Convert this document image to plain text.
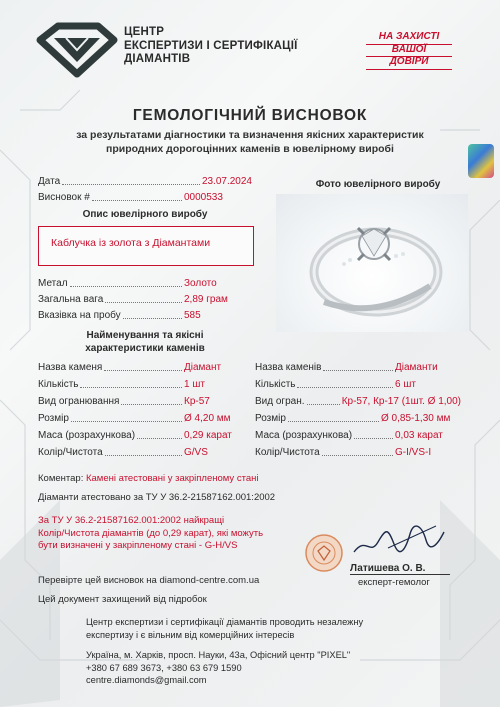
ЦЕНТР
ЕКСПЕРТИЗИ І СЕРТИФІКАЦІЇ
ДІАМАНТІВ
НА ЗАХИСТІ
ВАШОЇ
ДОВІРИ
ГЕМОЛОГІЧНИЙ ВИСНОВОК
за результатами діагностики та визначення якісних характеристик
природних дорогоцінних каменів в ювелірному виробі
Дата	23.07.2024
Висновок #	0000533
Фото ювелірного виробу
Опис ювелірного виробу
Каблучка із золота з Діамантами
Метал	Золото
Загальна вага	2,89 грам
Вказівка на пробу	585
Найменування та якісні
характеристики каменів
Назва каменя	Діамант
Кількість	1 шт
Вид огранювання	Кр-57
Розмір	Ø 4,20 мм
Маса (розрахункова)	0,29 карат
Колір/Чистота	G/VS
Назва каменів	Діаманти
Кількість	6 шт
Вид огран.	Кр-57, Кр-17 (1шт. Ø 1,00)
Розмір	Ø 0,85-1,30 мм
Маса (розрахункова)	0,03 карат
Колір/Чистота	G-I/VS-I
Коментар: Камені атестовані у закріпленому стані
Діаманти атестовано за ТУ У 36.2-21587162.001:2002
За ТУ У 36.2-21587162.001:2002 найкращі
Колір/Чистота діамантів (до 0,29 карат), які можуть
бути визначені у закріпленому стані - G-H/VS
Латишева О. В.
експерт-гемолог
Перевірте цей висновок на diamond-centre.com.ua
Цей документ захищений від підробок
Центр експертизи і сертифікації діамантів проводить незалежну
експертизу і є вільним від комерційних інтересів
Україна, м. Харків, просп. Науки, 43а, Офісний центр "PIXEL"
+380 67 689 3673, +380 63 679 1590
centre.diamonds@gmail.com
